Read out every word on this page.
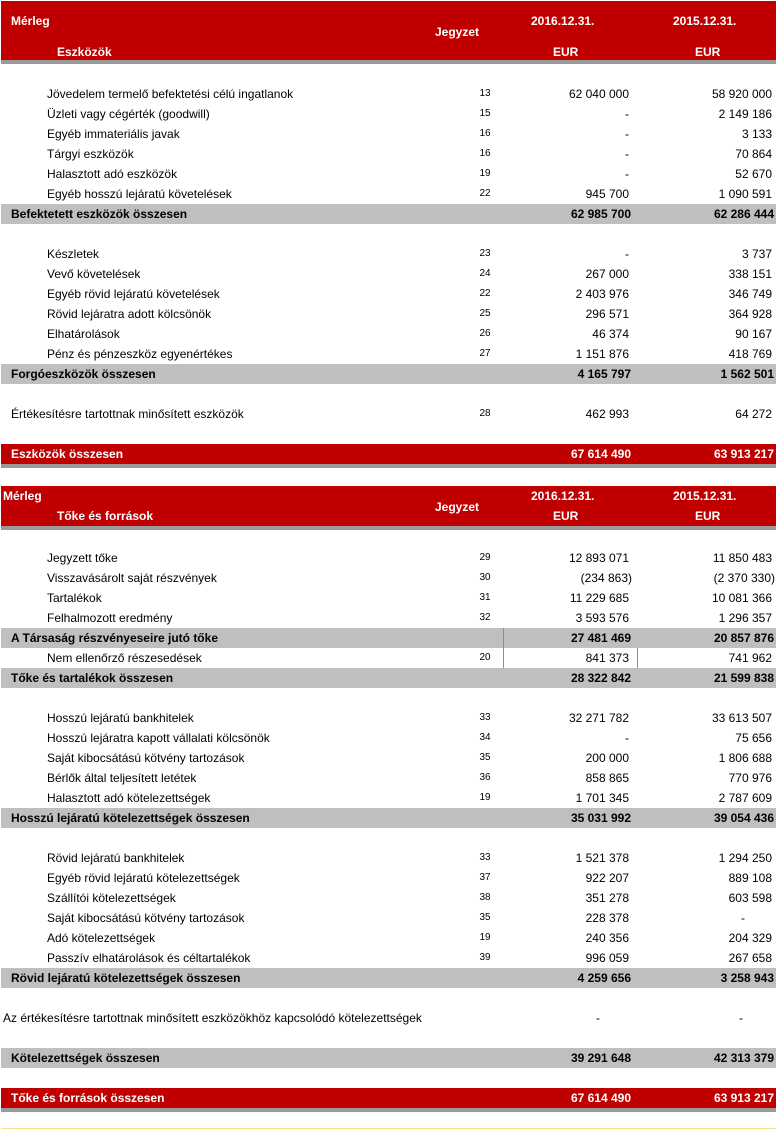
Mérleg
Eszközök
Jegyzet
2016.12.31.	2015.12.31.
EUR	EUR
Jövedelem termelő befektetési célú ingatlanok	13	62 040 000	58 920 000
Üzleti vagy cégérték (goodwill)	15	-	2 149 186
Egyéb immateriális javak	16	-	3 133
Tárgyi eszközök	16	-	70 864
Halasztott adó eszközök	19	-	52 670
Egyéb hosszú lejáratú követelések	22	945 700	1 090 591
Befektetett eszközök összesen	62 985 700	62 286 444
Készletek	23	-	3 737
Vevő követelések	24	267 000	338 151
Egyéb rövid lejáratú követelések	22	2 403 976	346 749
Rövid lejáratra adott kölcsönök	25	296 571	364 928
Elhatárolások	26	46 374	90 167
Pénz és pénzeszköz egyenértékes	27	1 151 876	418 769
Forgóeszközök összesen	4 165 797	1 562 501
Értékesítésre tartottnak minősített eszközök	28	462 993	64 272
Eszközök összesen	67 614 490	63 913 217
Mérleg
Tőke és források
Jegyzet
2016.12.31.	2015.12.31.
EUR	EUR
Jegyzett tőke	29	12 893 071	11 850 483
Visszavásárolt saját részvények	30	(234 863)	(2 370 330)
Tartalékok	31	11 229 685	10 081 366
Felhalmozott eredmény	32	3 593 576	1 296 357
A Társaság részvényeseire jutó tőke	27 481 469	20 857 876
Nem ellenőrző részesedések	20	841 373	741 962
Tőke és tartalékok összesen	28 322 842	21 599 838
Hosszú lejáratú bankhitelek	33	32 271 782	33 613 507
Hosszú lejáratra kapott vállalati kölcsönök	34	-	75 656
Saját kibocsátású kötvény tartozások	35	200 000	1 806 688
Bérlők által teljesített letétek	36	858 865	770 976
Halasztott adó kötelezettségek	19	1 701 345	2 787 609
Hosszú lejáratú kötelezettségek összesen	35 031 992	39 054 436
Rövid lejáratú bankhitelek	33	1 521 378	1 294 250
Egyéb rövid lejáratú kötelezettségek	37	922 207	889 108
Szállítói kötelezettségek	38	351 278	603 598
Saját kibocsátású kötvény tartozások	35	228 378	-
Adó kötelezettségek	19	240 356	204 329
Passzív elhatárolások és céltartalékok	39	996 059	267 658
Rövid lejáratú kötelezettségek összesen	4 259 656	3 258 943
Az értékesítésre tartottnak minősített eszközökhöz kapcsolódó kötelezettségek	-	-
Kötelezettségek összesen	39 291 648	42 313 379
Tőke és források összesen	67 614 490	63 913 217
